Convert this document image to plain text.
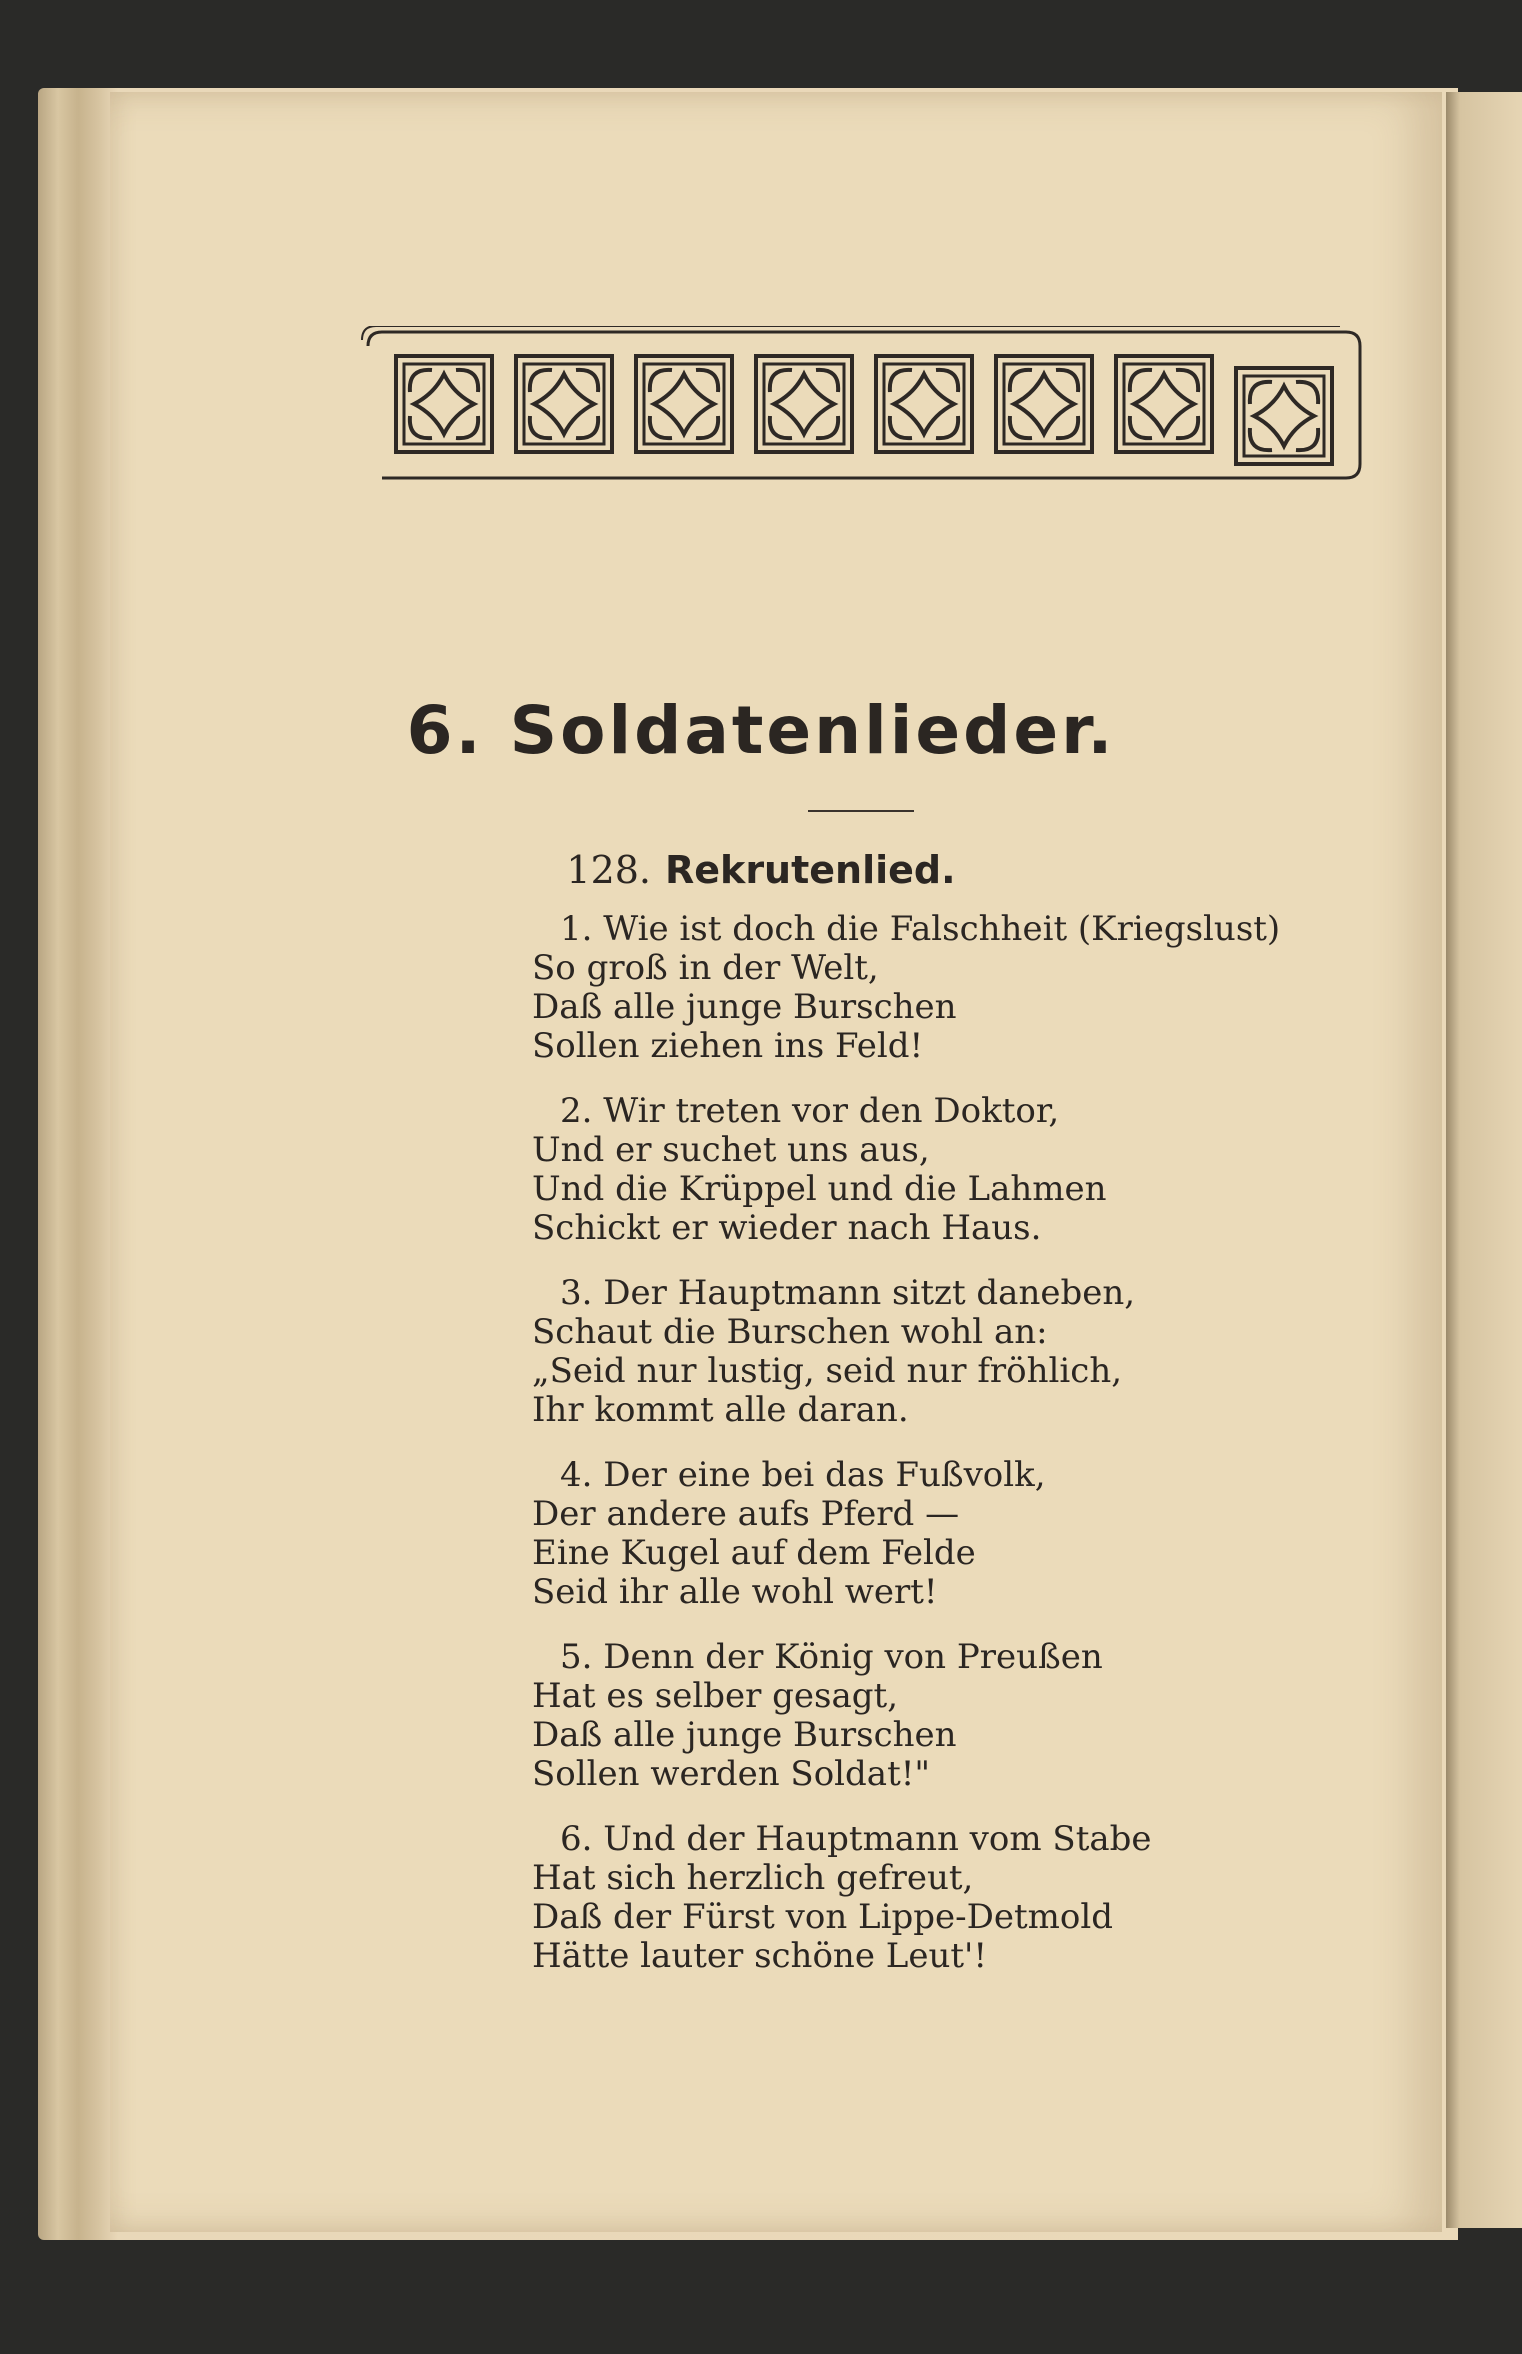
6. Soldatenlieder.
128. Rekrutenlied.
1. Wie ist doch die Falschheit (Kriegslust)
So groß in der Welt,
Daß alle junge Burschen
Sollen ziehen ins Feld!
2. Wir treten vor den Doktor,
Und er suchet uns aus,
Und die Krüppel und die Lahmen
Schickt er wieder nach Haus.
3. Der Hauptmann sitzt daneben,
Schaut die Burschen wohl an:
„Seid nur lustig, seid nur fröhlich,
Ihr kommt alle daran.
4. Der eine bei das Fußvolk,
Der andere aufs Pferd —
Eine Kugel auf dem Felde
Seid ihr alle wohl wert!
5. Denn der König von Preußen
Hat es selber gesagt,
Daß alle junge Burschen
Sollen werden Soldat!"
6. Und der Hauptmann vom Stabe
Hat sich herzlich gefreut,
Daß der Fürst von Lippe-Detmold
Hätte lauter schöne Leut'!
